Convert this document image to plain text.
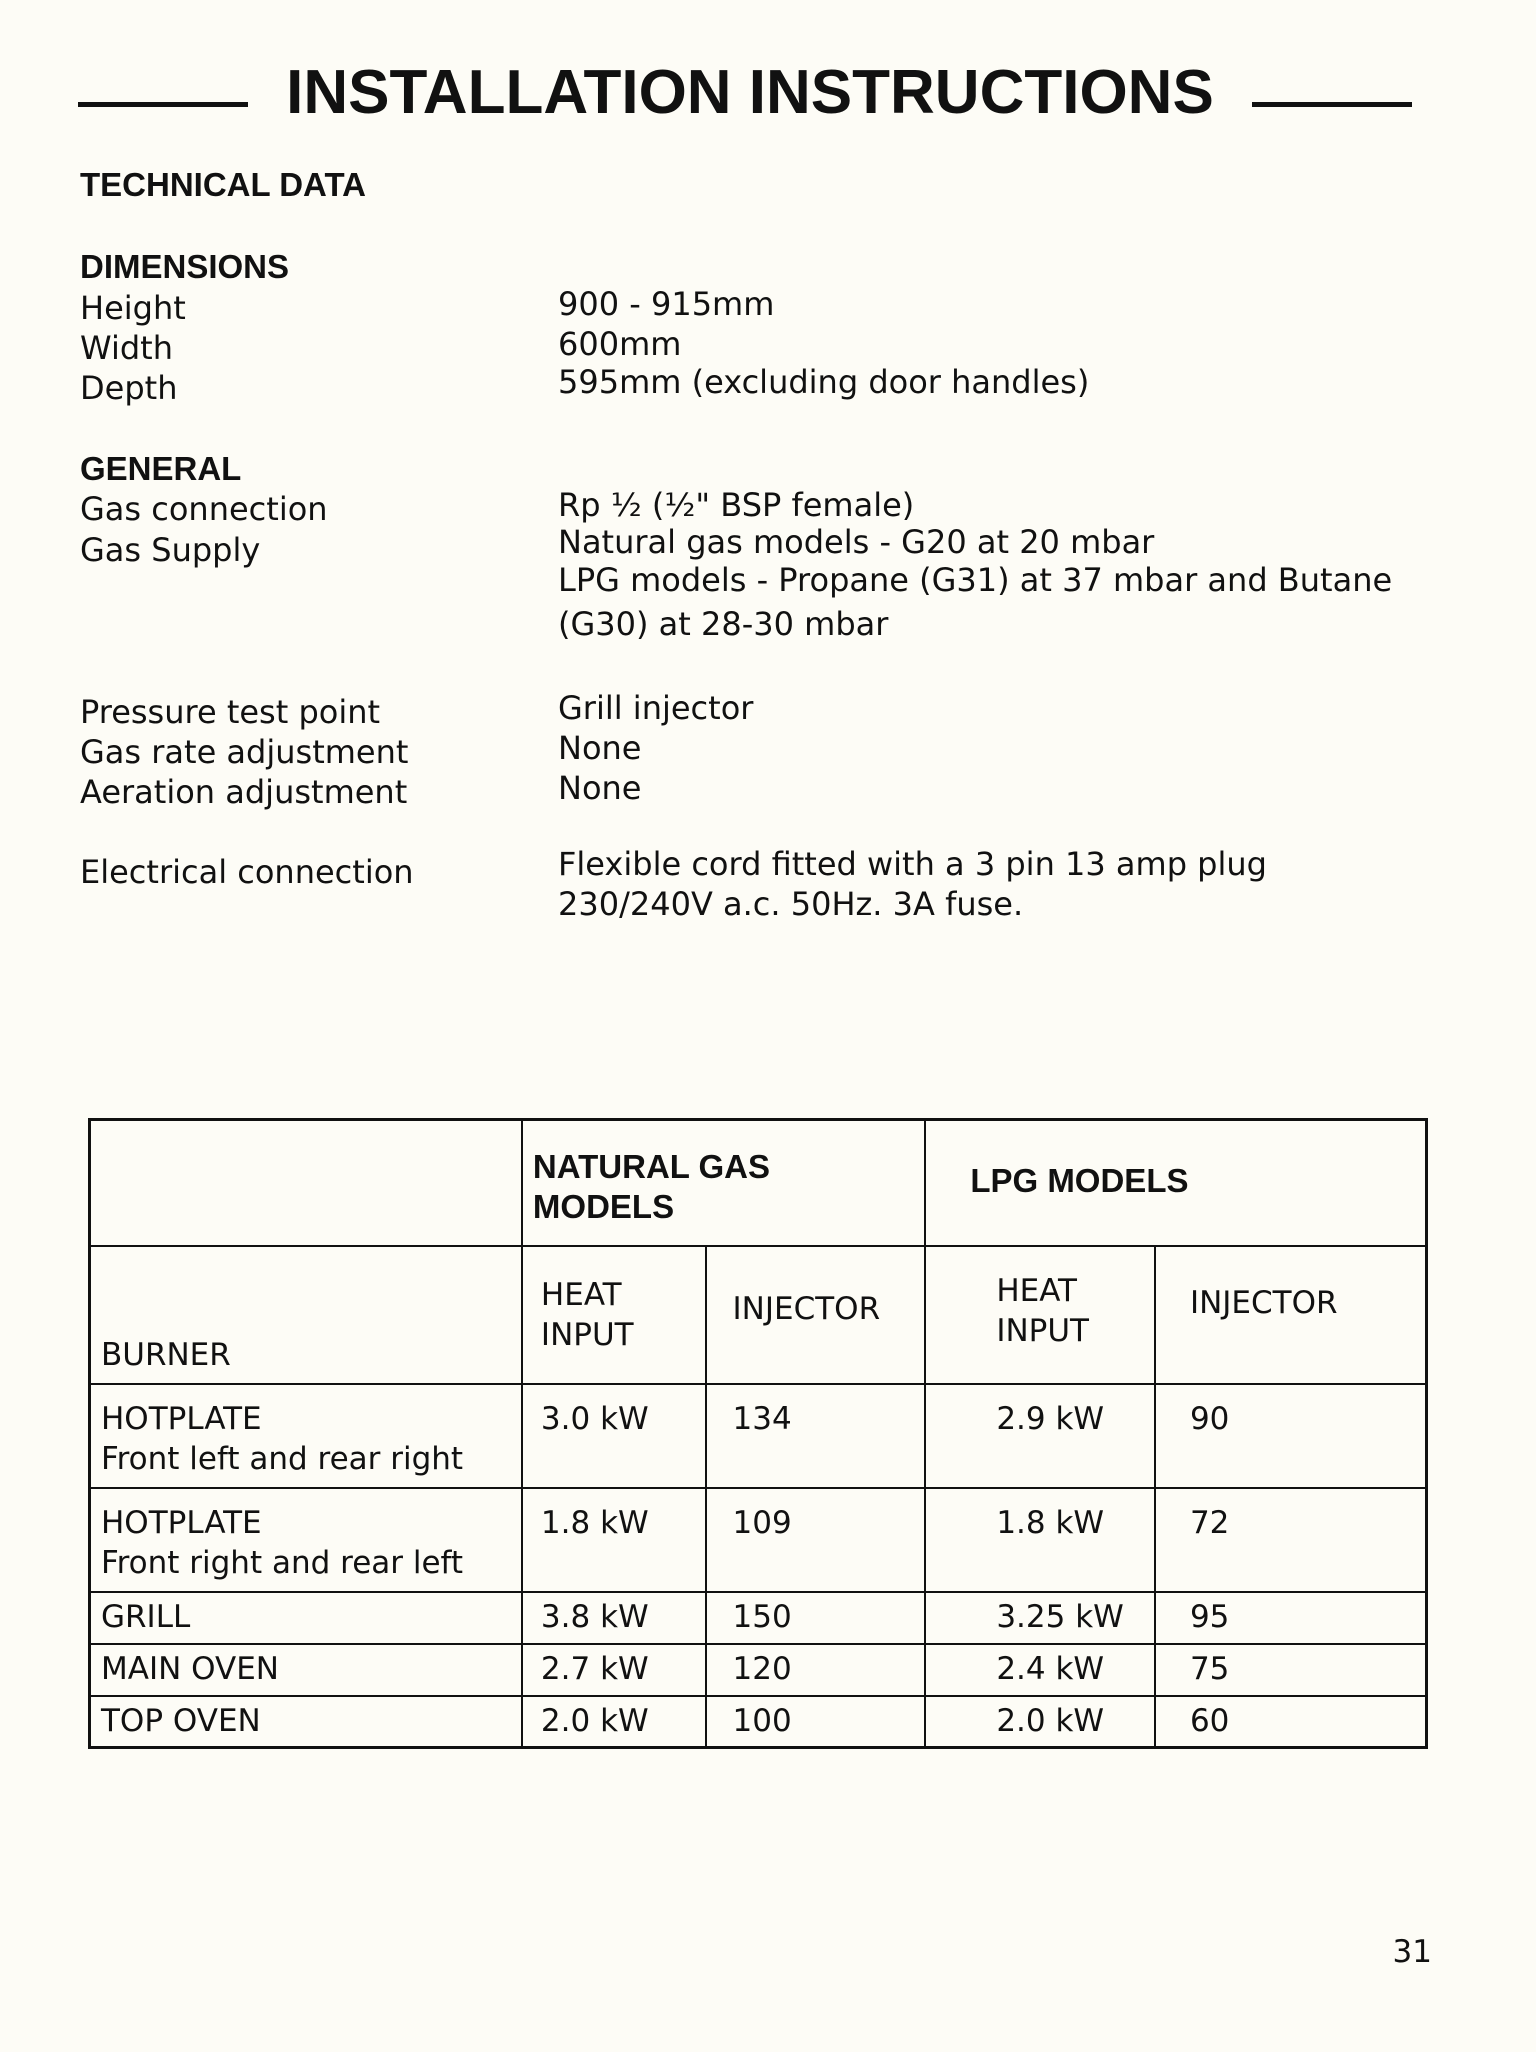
INSTALLATION INSTRUCTIONS
TECHNICAL DATA
DIMENSIONS
Height	900 - 915mm
Width	600mm
Depth	595mm (excluding door handles)
GENERAL
Gas connection	Rp ½ (½" BSP female)
Gas Supply	Natural gas models - G20 at 20 mbar
LPG models - Propane (G31) at 37 mbar and Butane
(G30) at 28-30 mbar
Pressure test point	Grill injector
Gas rate adjustment	None
Aeration adjustment	None
Electrical connection	Flexible cord fitted with a 3 pin 13 amp plug
230/240V a.c. 50Hz. 3A fuse.
	NATURAL GAS MODELS		LPG MODELS	
BURNER	HEAT INPUT	INJECTOR	HEAT INPUT	INJECTOR

HOTPLATE
Front left and rear right	3.0 kW	134	2.9 kW	90

HOTPLATE
Front right and rear left	1.8 kW	109	1.8 kW	72
GRILL	3.8 kW	150	3.25 kW	95
MAIN OVEN	2.7 kW	120	2.4 kW	75
TOP OVEN	2.0 kW	100	2.0 kW	60
31
